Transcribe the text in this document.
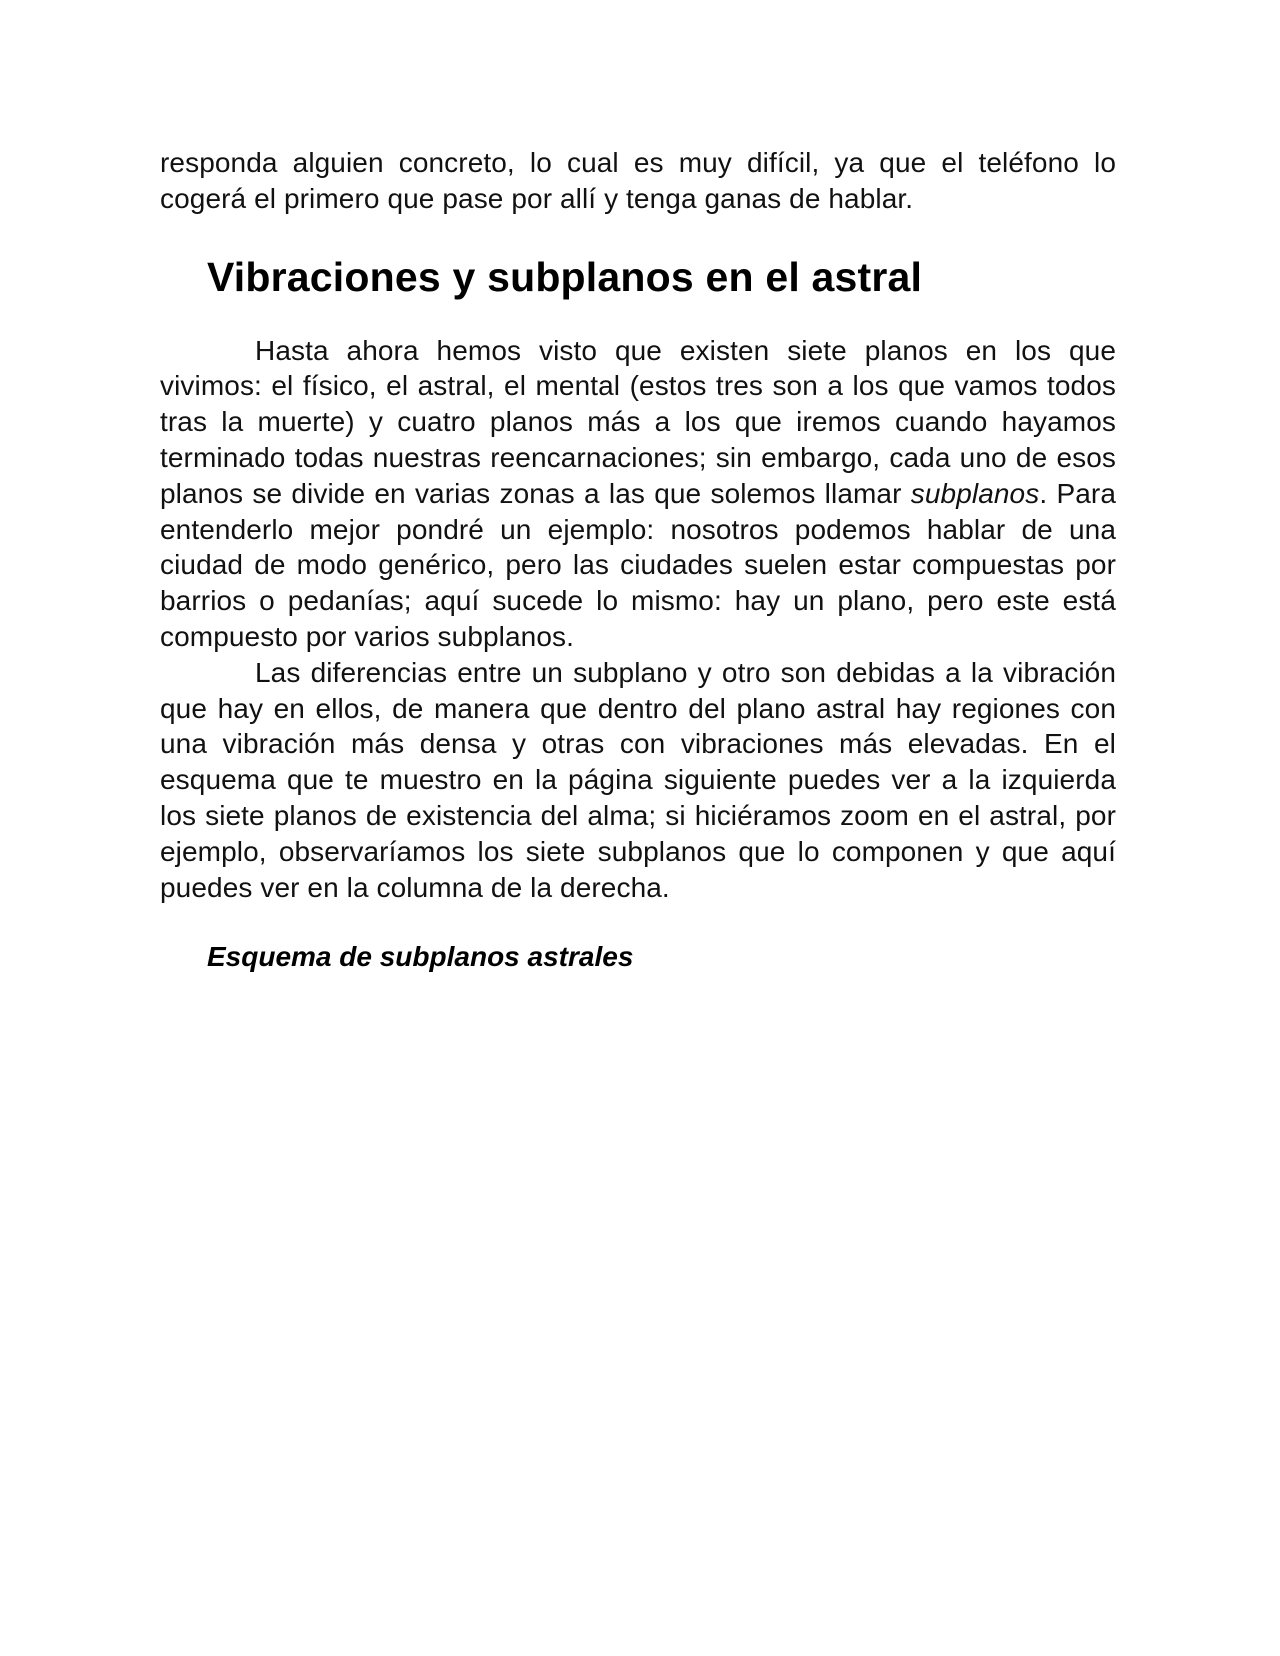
responda alguien concreto, lo cual es muy difícil, ya que el teléfono lo cogerá el primero que pase por allí y tenga ganas de hablar.

Vibraciones y subplanos en el astral

Hasta ahora hemos visto que existen siete planos en los que vivimos: el físico, el astral, el mental (estos tres son a los que vamos todos tras la muerte) y cuatro planos más a los que iremos cuando hayamos terminado todas nuestras reencarnaciones; sin embargo, cada uno de esos planos se divide en varias zonas a las que solemos llamar subplanos. Para entenderlo mejor pondré un ejemplo: nosotros podemos hablar de una ciudad de modo genérico, pero las ciudades suelen estar compuestas por barrios o pedanías; aquí sucede lo mismo: hay un plano, pero este está compuesto por varios subplanos.

Las diferencias entre un subplano y otro son debidas a la vibración que hay en ellos, de manera que dentro del plano astral hay regiones con una vibración más densa y otras con vibraciones más elevadas. En el esquema que te muestro en la página siguiente puedes ver a la izquierda los siete planos de existencia del alma; si hiciéramos zoom en el astral, por ejemplo, observaríamos los siete subplanos que lo componen y que aquí puedes ver en la columna de la derecha.

Esquema de subplanos astrales
